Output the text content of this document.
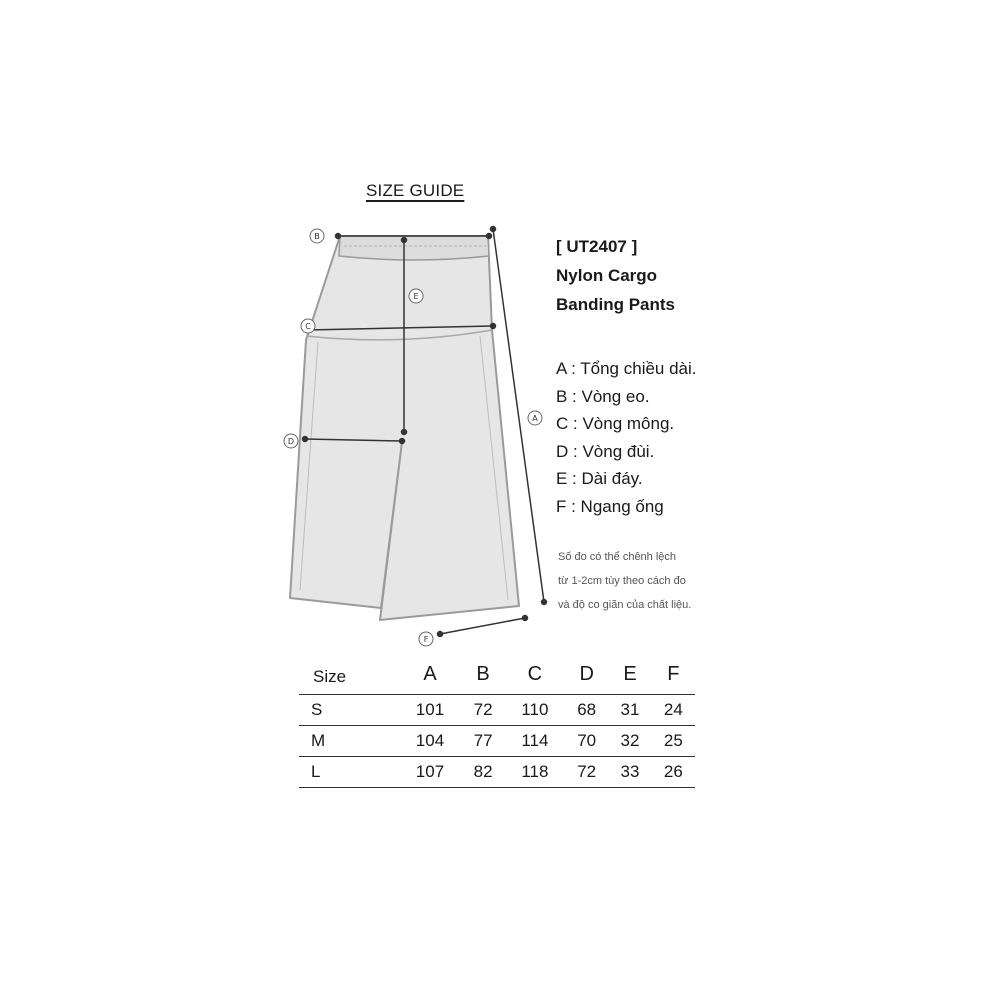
SIZE GUIDE
B
C
D
E
A
F
[ UT2407 ]
Nylon Cargo
Banding Pants
A : Tổng chiều dài.
B : Vòng eo.
C : Vòng mông.
D : Vòng đùi.
E : Dài đáy.
F : Ngang ống
Số đo có thể chênh lệch
từ 1-2cm tùy theo cách đo
và độ co giãn của chất liệu.
Size	A	B	C	D	E	F
S	101	72	110	68	31	24
M	104	77	114	70	32	25
L	107	82	118	72	33	26
